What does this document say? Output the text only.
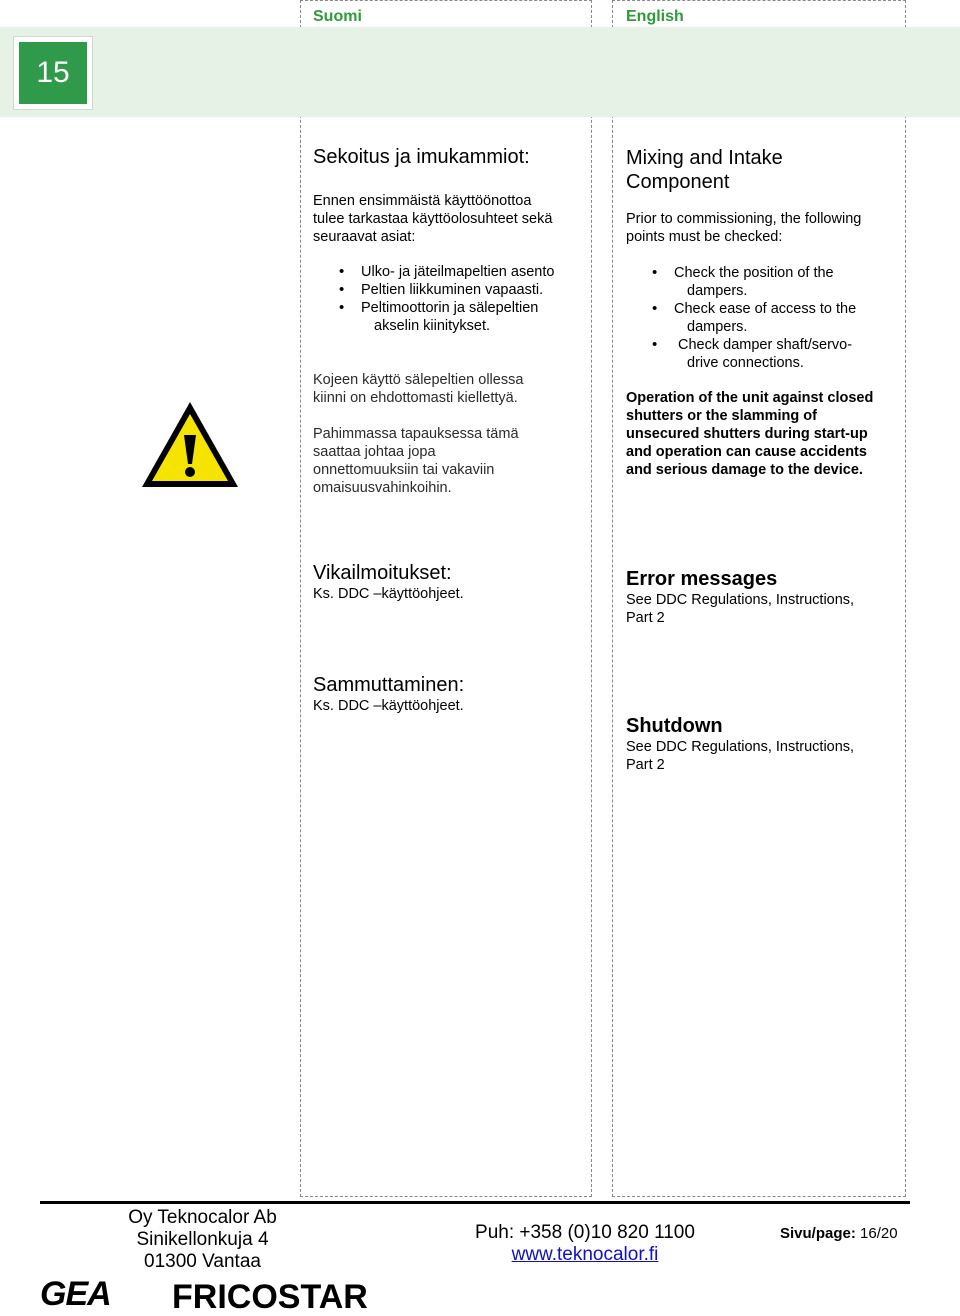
15
Suomi	English
Sekoitus ja imukammiot:
Ennen ensimmäistä käyttöönottoa
tulee tarkastaa käyttöolosuhteet sekä
seuraavat asiat:
• Ulko- ja jäteilmapeltien asento
• Peltien liikkuminen vapaasti.
• Peltimoottorin ja sälepeltien
akselin kiinitykset.
Kojeen käyttö sälepeltien ollessa
kiinni on ehdottomasti kiellettyä.
Pahimmassa tapauksessa tämä
saattaa johtaa jopa
onnettomuuksiin tai vakaviin
omaisuusvahinkoihin.
Vikailmoitukset:
Ks. DDC –käyttöohjeet.
Sammuttaminen:
Ks. DDC –käyttöohjeet.
Mixing and Intake
Component
Prior to commissioning, the following
points must be checked:
• Check the position of the
dampers.
• Check ease of access to the
dampers.
• Check damper shaft/servo-
drive connections.
Operation of the unit against closed
shutters or the slamming of
unsecured shutters during start-up
and operation can cause accidents
and serious damage to the device.
Error messages
See DDC Regulations, Instructions,
Part 2
Shutdown
See DDC Regulations, Instructions,
Part 2
Oy Teknocalor Ab
Sinikellonkuja 4
01300 Vantaa
Puh: +358 (0)10 820 1100
www.teknocalor.fi
Sivu/page: 16/20
GEA FRICOSTAR
